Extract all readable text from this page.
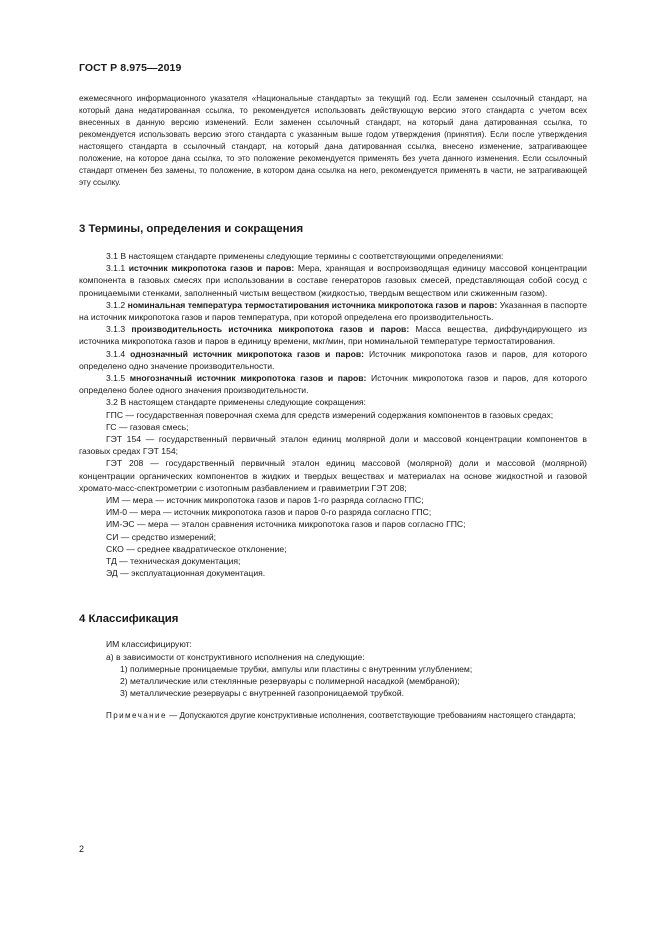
ГОСТ Р 8.975—2019

ежемесячного информационного указателя «Национальные стандарты» за текущий год. Если заменен ссылочный стандарт, на который дана недатированная ссылка, то рекомендуется использовать действующую версию этого стандарта с учетом всех внесенных в данную версию изменений. Если заменен ссылочный стандарт, на который дана датированная ссылка, то рекомендуется использовать версию этого стандарта с указанным выше годом утверждения (принятия). Если после утверждения настоящего стандарта в ссылочный стандарт, на который дана датированная ссылка, внесено изменение, затрагивающее положение, на которое дана ссылка, то это положение рекомендуется применять без учета данного изменения. Если ссылочный стандарт отменен без замены, то положение, в котором дана ссылка на него, рекомендуется применять в части, не затрагивающей эту ссылку.

3 Термины, определения и сокращения

3.1 В настоящем стандарте применены следующие термины с соответствующими определениями:

3.1.1 источник микропотока газов и паров: Мера, хранящая и воспроизводящая единицу массовой концентрации компонента в газовых смесях при использовании в составе генераторов газовых смесей, представляющая собой сосуд с проницаемыми стенками, заполненный чистым веществом (жидкостью, твердым веществом или сжиженным газом).

3.1.2 номинальная температура термостатирования источника микропотока газов и паров: Указанная в паспорте на источник микропотока газов и паров температура, при которой определена его производительность.

3.1.3 производительность источника микропотока газов и паров: Масса вещества, диффундирующего из источника микропотока газов и паров в единицу времени, мкг/мин, при номинальной температуре термостатирования.

3.1.4 однозначный источник микропотока газов и паров: Источник микропотока газов и паров, для которого определено одно значение производительности.

3.1.5 многозначный источник микропотока газов и паров: Источник микропотока газов и паров, для которого определено более одного значения производительности.

3.2 В настоящем стандарте применены следующие сокращения:

ГПС — государственная поверочная схема для средств измерений содержания компонентов в газовых средах;

ГС — газовая смесь;

ГЭТ 154 — государственный первичный эталон единиц молярной доли и массовой концентрации компонентов в газовых средах ГЭТ 154;

ГЭТ 208 — государственный первичный эталон единиц массовой (молярной) доли и массовой (молярной) концентрации органических компонентов в жидких и твердых веществах и материалах на основе жидкостной и газовой хромато-масс-спектрометрии с изотопным разбавлением и гравиметрии ГЭТ 208;

ИМ — мера — источник микропотока газов и паров 1-го разряда согласно ГПС;

ИМ-0 — мера — источник микропотока газов и паров 0-го разряда согласно ГПС;

ИМ-ЭС — мера — эталон сравнения источника микропотока газов и паров согласно ГПС;

СИ — средство измерений;

СКО — среднее квадратическое отклонение;

ТД — техническая документация;

ЭД — эксплуатационная документация.

4 Классификация

ИМ классифицируют:

а) в зависимости от конструктивного исполнения на следующие:

1) полимерные проницаемые трубки, ампулы или пластины с внутренним углублением;

2) металлические или стеклянные резервуары с полимерной насадкой (мембраной);

3) металлические резервуары с внутренней газопроницаемой трубкой.

Примечание — Допускаются другие конструктивные исполнения, соответствующие требованиям настоящего стандарта;

2
